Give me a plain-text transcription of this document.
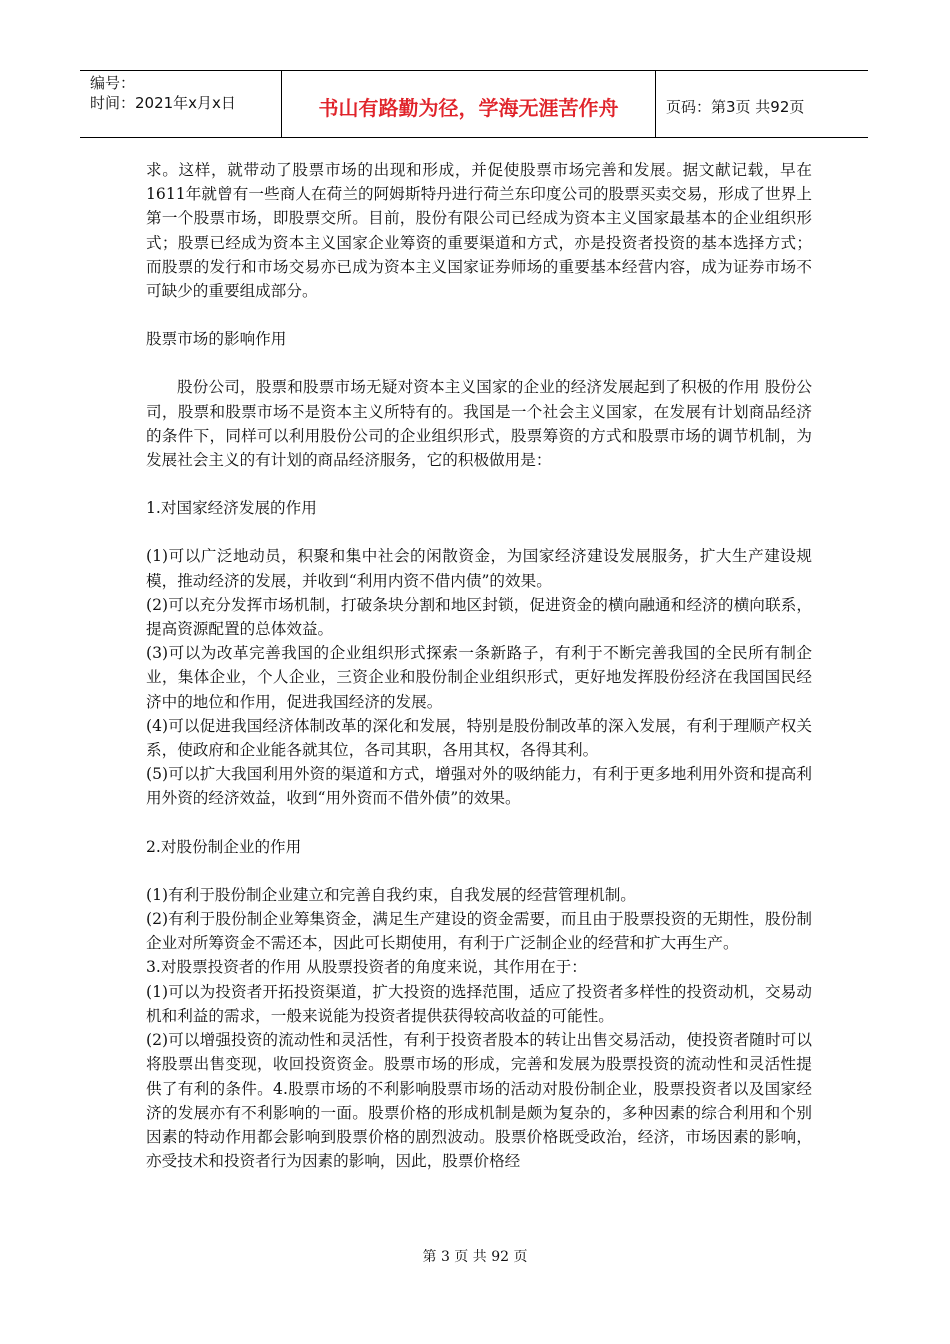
编号：
时间：2021年x月x日	书山有路勤为径，学海无涯苦作舟	页码：第3页 共92页

求。这样，就带动了股票市场的出现和形成，并促使股票市场完善和发展。据文献记载，早在1611年就曾有一些商人在荷兰的阿姆斯特丹进行荷兰东印度公司的股票买卖交易，形成了世界上第一个股票市场，即股票交所。目前，股份有限公司已经成为资本主义国家最基本的企业组织形式；股票已经成为资本主义国家企业筹资的重要渠道和方式，亦是投资者投资的基本选择方式；而股票的发行和市场交易亦已成为资本主义国家证券师场的重要基本经营内容，成为证券市场不可缺少的重要组成部分。

股票市场的影响作用

股份公司，股票和股票市场无疑对资本主义国家的企业的经济发展起到了积极的作用 股份公司，股票和股票市场不是资本主义所特有的。我国是一个社会主义国家，在发展有计划商品经济的条件下，同样可以利用股份公司的企业组织形式，股票筹资的方式和股票市场的调节机制，为发展社会主义的有计划的商品经济服务，它的积极做用是：

1.对国家经济发展的作用

(1)可以广泛地动员，积聚和集中社会的闲散资金，为国家经济建设发展服务，扩大生产建设规模，推动经济的发展，并收到“利用内资不借内债”的效果。

(2)可以充分发挥市场机制，打破条块分割和地区封锁，促进资金的横向融通和经济的横向联系，提高资源配置的总体效益。

(3)可以为改革完善我国的企业组织形式探索一条新路子，有利于不断完善我国的全民所有制企业，集体企业，个人企业，三资企业和股份制企业组织形式，更好地发挥股份经济在我国国民经济中的地位和作用，促进我国经济的发展。

(4)可以促进我国经济体制改革的深化和发展，特别是股份制改革的深入发展，有利于理顺产权关系，使政府和企业能各就其位，各司其职，各用其权，各得其利。

(5)可以扩大我国利用外资的渠道和方式，增强对外的吸纳能力，有利于更多地利用外资和提高利用外资的经济效益，收到“用外资而不借外债”的效果。

2.对股份制企业的作用

(1)有利于股份制企业建立和完善自我约束，自我发展的经营管理机制。

(2)有利于股份制企业筹集资金，满足生产建设的资金需要，而且由于股票投资的无期性，股份制企业对所筹资金不需还本，因此可长期使用，有利于广泛制企业的经营和扩大再生产。

3.对股票投资者的作用 从股票投资者的角度来说，其作用在于：

(1)可以为投资者开拓投资渠道，扩大投资的选择范围，适应了投资者多样性的投资动机，交易动机和利益的需求，一般来说能为投资者提供获得较高收益的可能性。

(2)可以增强投资的流动性和灵活性，有利于投资者股本的转让出售交易活动，使投资者随时可以将股票出售变现，收回投资资金。股票市场的形成，完善和发展为股票投资的流动性和灵活性提供了有利的条件。4.股票市场的不利影响股票市场的活动对股份制企业，股票投资者以及国家经济的发展亦有不利影响的一面。股票价格的形成机制是颇为复杂的，多种因素的综合利用和个别因素的特动作用都会影响到股票价格的剧烈波动。股票价格既受政治，经济，市场因素的影响，亦受技术和投资者行为因素的影响，因此，股票价格经

第 3 页 共 92 页
